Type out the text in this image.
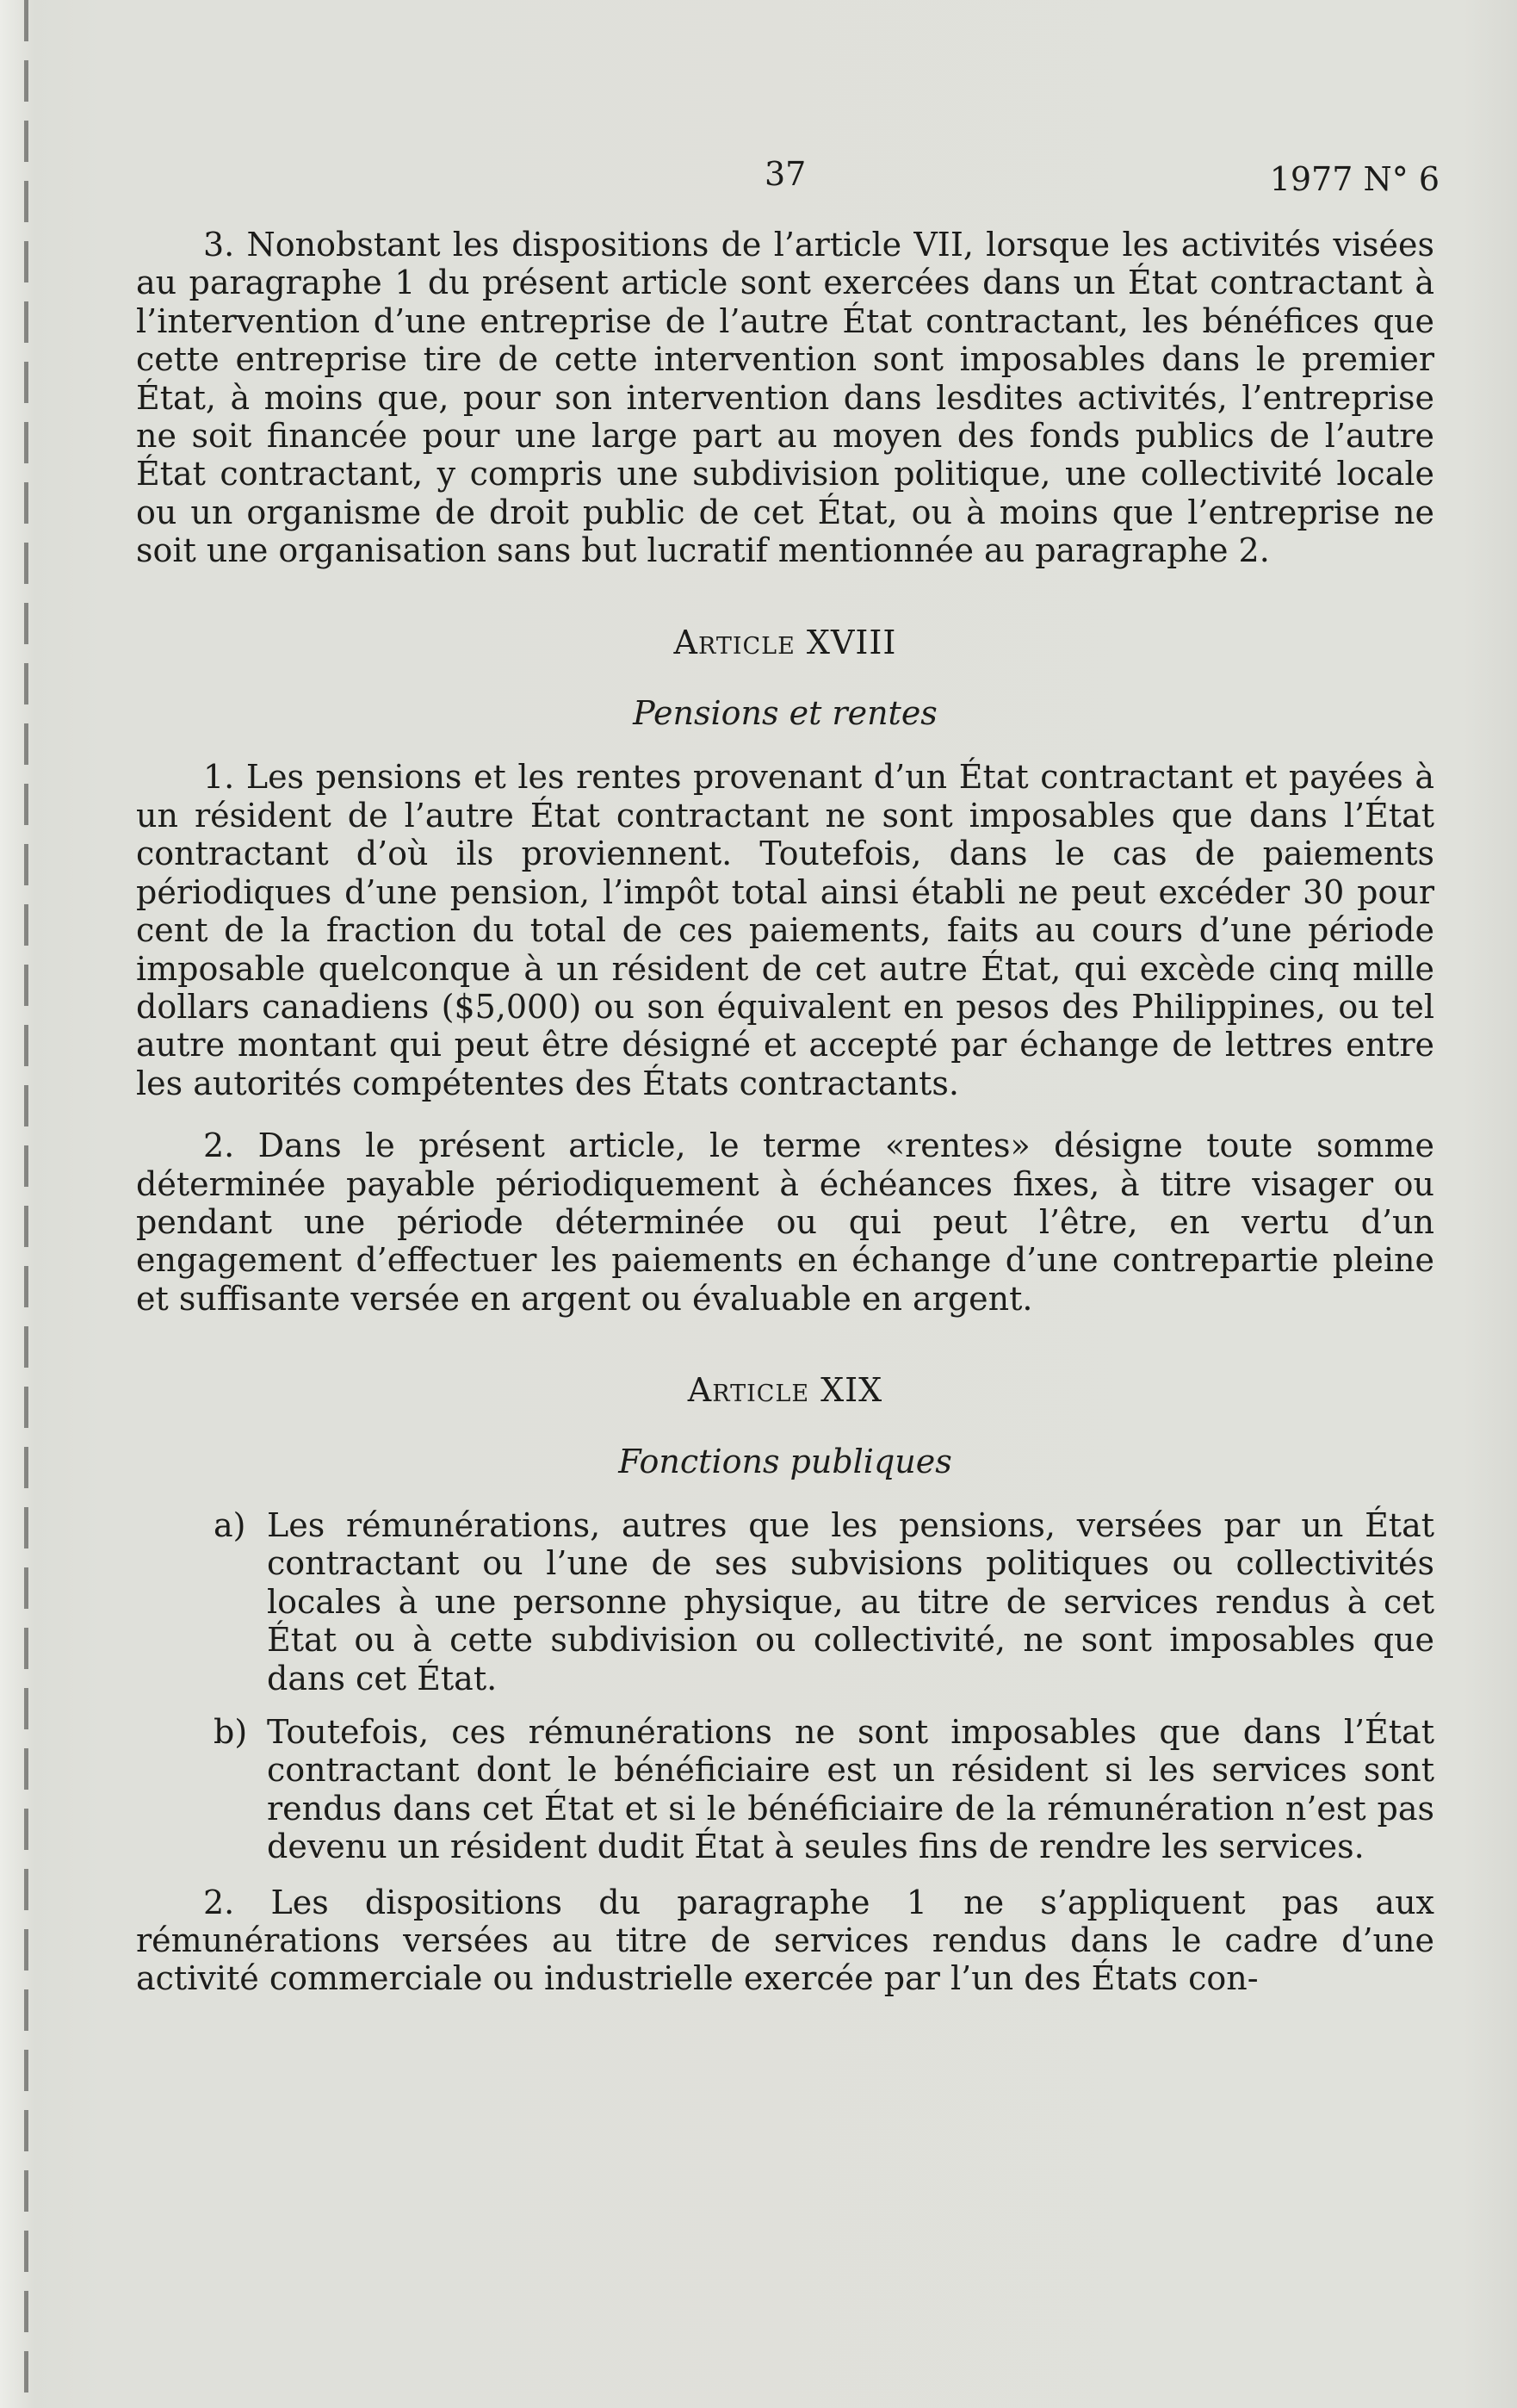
37	1977 N° 6

3. Nonobstant les dispositions de l’article VII, lorsque les activités visées au paragraphe 1 du présent article sont exercées dans un État contractant à l’intervention d’une entreprise de l’autre État contractant, les bénéfices que cette entreprise tire de cette intervention sont imposables dans le premier État, à moins que, pour son intervention dans lesdites activités, l’entreprise ne soit financée pour une large part au moyen des fonds publics de l’autre État contractant, y compris une subdivision politique, une collectivité locale ou un organisme de droit public de cet État, ou à moins que l’entreprise ne soit une organisation sans but lucratif mentionnée au paragraphe 2.

Article XVIII
Pensions et rentes

1. Les pensions et les rentes provenant d’un État contractant et payées à un résident de l’autre État contractant ne sont imposables que dans l’État contractant d’où ils proviennent. Toutefois, dans le cas de paiements périodiques d’une pension, l’impôt total ainsi établi ne peut excéder 30 pour cent de la fraction du total de ces paiements, faits au cours d’une période imposable quelconque à un résident de cet autre État, qui excède cinq mille dollars canadiens ($5,000) ou son équivalent en pesos des Philippines, ou tel autre montant qui peut être désigné et accepté par échange de lettres entre les autorités compétentes des États contractants.

2. Dans le présent article, le terme «rentes» désigne toute somme déterminée payable périodiquement à échéances fixes, à titre visager ou pendant une période déterminée ou qui peut l’être, en vertu d’un engagement d’effectuer les paiements en échange d’une contrepartie pleine et suffisante versée en argent ou évaluable en argent.

Article XIX
Fonctions publiques
a) Les rémunérations, autres que les pensions, versées par un État contractant ou l’une de ses subvisions politiques ou collectivités locales à une personne physique, au titre de services rendus à cet État ou à cette subdivision ou collectivité, ne sont imposables que dans cet État.
b) Toutefois, ces rémunérations ne sont imposables que dans l’État contractant dont le bénéficiaire est un résident si les services sont rendus dans cet État et si le bénéficiaire de la rémunération n’est pas devenu un résident dudit État à seules fins de rendre les services.

2. Les dispositions du paragraphe 1 ne s’appliquent pas aux rémunérations versées au titre de services rendus dans le cadre d’une activité commerciale ou industrielle exercée par l’un des États con-
